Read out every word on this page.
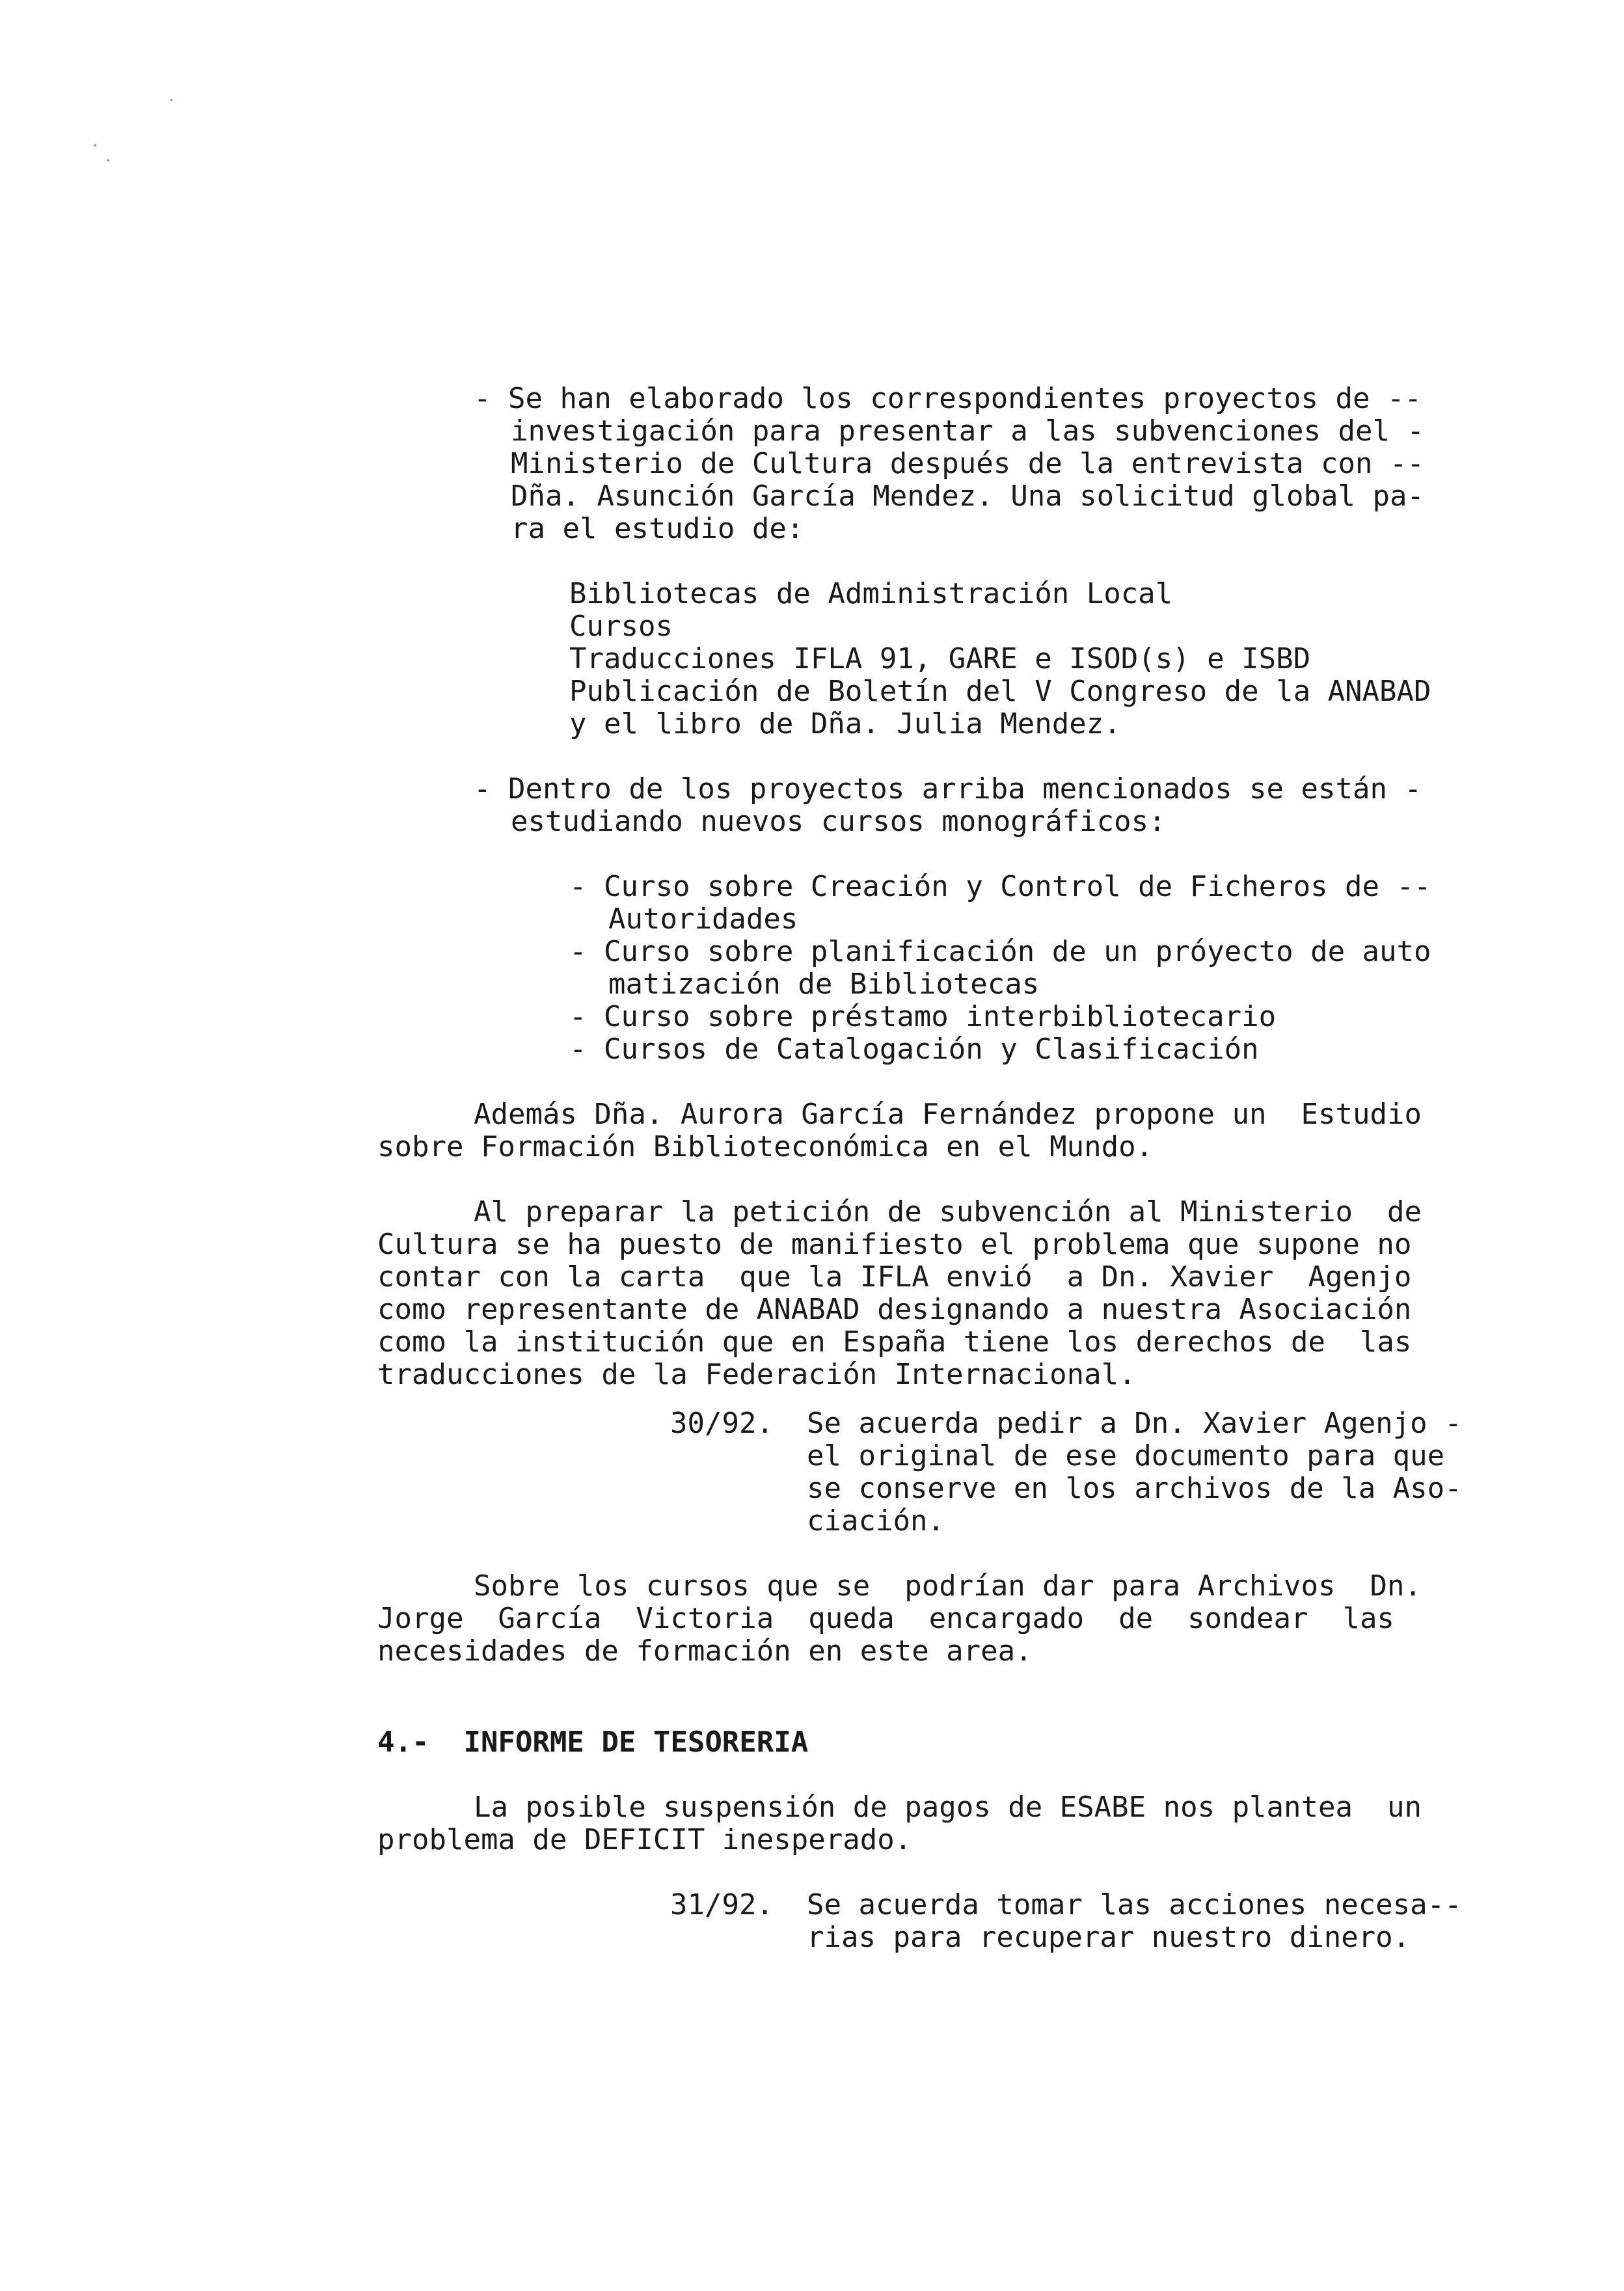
- Se han elaborado los correspondientes proyectos de --
investigación para presentar a las subvenciones del -
Ministerio de Cultura después de la entrevista con --
Dña. Asunción García Mendez. Una solicitud global pa-
ra el estudio de:
Bibliotecas de Administración Local
Cursos
Traducciones IFLA 91, GARE e ISOD(s) e ISBD
Publicación de Boletín del V Congreso de la ANABAD
y el libro de Dña. Julia Mendez.
- Dentro de los proyectos arriba mencionados se están -
estudiando nuevos cursos monográficos:
- Curso sobre Creación y Control de Ficheros de --
Autoridades
- Curso sobre planificación de un próyecto de auto
matización de Bibliotecas
- Curso sobre préstamo interbibliotecario
- Cursos de Catalogación y Clasificación
Además Dña. Aurora García Fernández propone un  Estudio
sobre Formación Biblioteconómica en el Mundo.
Al preparar la petición de subvención al Ministerio  de
Cultura se ha puesto de manifiesto el problema que supone no
contar con la carta  que la IFLA envió  a Dn. Xavier  Agenjo
como representante de ANABAD designando a nuestra Asociación
como la institución que en España tiene los derechos de  las
traducciones de la Federación Internacional.
30/92. Se acuerda pedir a Dn. Xavier Agenjo -
el original de ese documento para que
se conserve en los archivos de la Aso-
ciación.
Sobre los cursos que se  podrían dar para Archivos  Dn.
Jorge  García  Victoria  queda  encargado  de  sondear  las
necesidades de formación en este area.
4.-  INFORME DE TESORERIA
La posible suspensión de pagos de ESABE nos plantea  un
problema de DEFICIT inesperado.
31/92. Se acuerda tomar las acciones necesa--
rias para recuperar nuestro dinero.
